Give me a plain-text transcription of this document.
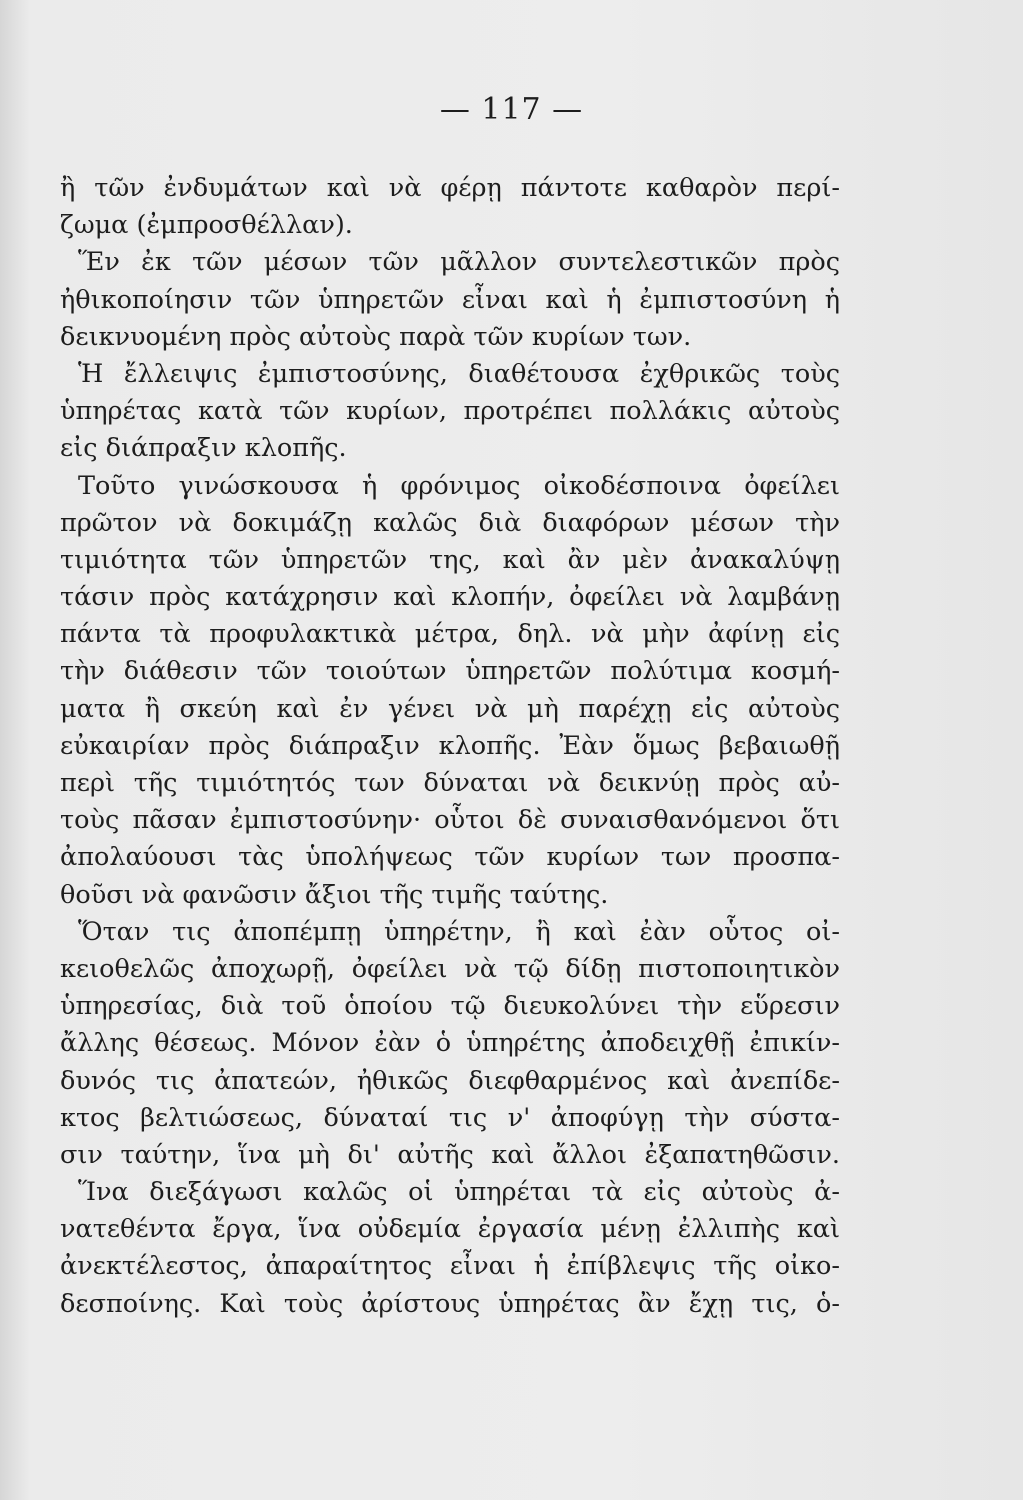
— 117 —
ἢ τῶν ἐνδυμάτων καὶ νὰ φέρῃ πάντοτε καθαρὸν περί-
ζωμα (ἐμπροσθέλλαν).
Ἕν ἐκ τῶν μέσων τῶν μᾶλλον συντελεστικῶν πρὸς
ἠθικοποίησιν τῶν ὑπηρετῶν εἶναι καὶ ἡ ἐμπιστοσύνη ἡ
δεικνυομένη πρὸς αὐτοὺς παρὰ τῶν κυρίων των.
Ἡ ἔλλειψις ἐμπιστοσύνης, διαθέτουσα ἐχθρικῶς τοὺς
ὑπηρέτας κατὰ τῶν κυρίων, προτρέπει πολλάκις αὐτοὺς
εἰς διάπραξιν κλοπῆς.
Τοῦτο γινώσκουσα ἡ φρόνιμος οἰκοδέσποινα ὀφείλει
πρῶτον νὰ δοκιμάζῃ καλῶς διὰ διαφόρων μέσων τὴν
τιμιότητα τῶν ὑπηρετῶν της, καὶ ἂν μὲν ἀνακαλύψῃ
τάσιν πρὸς κατάχρησιν καὶ κλοπήν, ὀφείλει νὰ λαμβάνῃ
πάντα τὰ προφυλακτικὰ μέτρα, δηλ. νὰ μὴν ἀφίνῃ εἰς
τὴν διάθεσιν τῶν τοιούτων ὑπηρετῶν πολύτιμα κοσμή-
ματα ἢ σκεύη καὶ ἐν γένει νὰ μὴ παρέχῃ εἰς αὐτοὺς
εὐκαιρίαν πρὸς διάπραξιν κλοπῆς. Ἐὰν ὅμως βεβαιωθῇ
περὶ τῆς τιμιότητός των δύναται νὰ δεικνύῃ πρὸς αὐ-
τοὺς πᾶσαν ἐμπιστοσύνην· οὗτοι δὲ συναισθανόμενοι ὅτι
ἀπολαύουσι τὰς ὑπολήψεως τῶν κυρίων των προσπα-
θοῦσι νὰ φανῶσιν ἄξιοι τῆς τιμῆς ταύτης.
Ὅταν τις ἀποπέμπῃ ὑπηρέτην, ἢ καὶ ἐὰν οὗτος οἰ-
κειοθελῶς ἀποχωρῇ, ὀφείλει νὰ τῷ δίδῃ πιστοποιητικὸν
ὑπηρεσίας, διὰ τοῦ ὁποίου τῷ διευκολύνει τὴν εὕρεσιν
ἄλλης θέσεως. Μόνον ἐὰν ὁ ὑπηρέτης ἀποδειχθῇ ἐπικίν-
δυνός τις ἀπατεών, ἠθικῶς διεφθαρμένος καὶ ἀνεπίδε-
κτος βελτιώσεως, δύναταί τις ν' ἀποφύγῃ τὴν σύστα-
σιν ταύτην, ἵνα μὴ δι' αὐτῆς καὶ ἄλλοι ἐξαπατηθῶσιν.
Ἵνα διεξάγωσι καλῶς οἱ ὑπηρέται τὰ εἰς αὐτοὺς ἀ-
νατεθέντα ἔργα, ἵνα οὐδεμία ἐργασία μένῃ ἐλλιπὴς καὶ
ἀνεκτέλεστος, ἀπαραίτητος εἶναι ἡ ἐπίβλεψις τῆς οἰκο-
δεσποίνης. Καὶ τοὺς ἀρίστους ὑπηρέτας ἂν ἔχῃ τις, ὁ-
